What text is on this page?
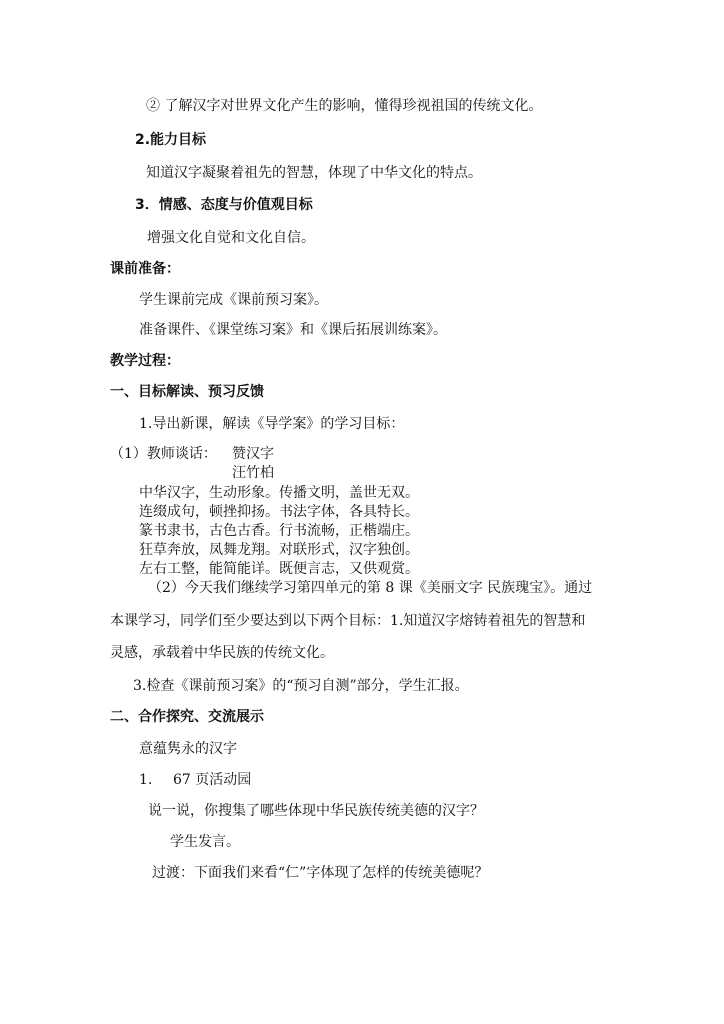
② 了解汉字对世界文化产生的影响，懂得珍视祖国的传统文化。
2.能力目标
知道汉字凝聚着祖先的智慧，体现了中华文化的特点。
3．情感、态度与价值观目标
增强文化自觉和文化自信。
课前准备：
学生课前完成《课前预习案》。
准备课件、《课堂练习案》和《课后拓展训练案》。
教学过程：
一、目标解读、预习反馈
1.导出新课，解读《导学案》的学习目标：
（1）教师谈话： 赞汉字
汪竹柏
中华汉字，生动形象。传播文明，盖世无双。
连缀成句，顿挫抑扬。书法字体，各具特长。
篆书隶书，古色古香。行书流畅，正楷端庄。
狂草奔放，凤舞龙翔。对联形式，汉字独创。
左右工整，能简能详。既便言志，又供观赏。
（2）今天我们继续学习第四单元的第 8 课《美丽文字 民族瑰宝》。通过
本课学习，同学们至少要达到以下两个目标：1.知道汉字熔铸着祖先的智慧和
灵感，承载着中华民族的传统文化。
3.检查《课前预习案》的“预习自测”部分，学生汇报。
二、合作探究、交流展示
意蕴隽永的汉字
1. 67 页活动园
说一说，你搜集了哪些体现中华民族传统美德的汉字？
学生发言。
过渡：下面我们来看“仁”字体现了怎样的传统美德呢？
